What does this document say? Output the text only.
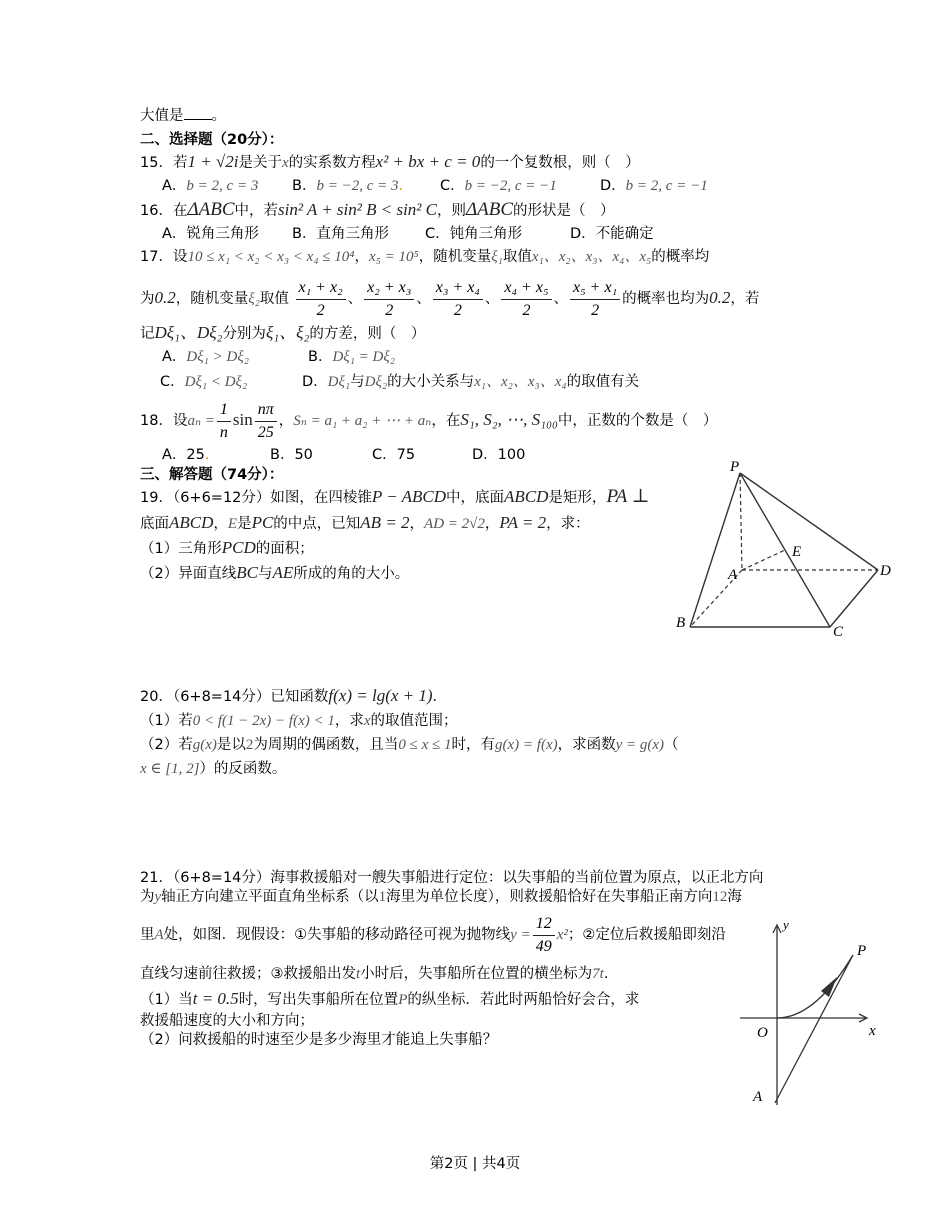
大值是 。
二、选择题（20分）：
15．若1 + √2i是关于x的实系数方程x² + bx + c = 0的一个复数根，则（　）
A．b = 2, c = 3 B．b = −2, c = 3.	C．b = −2, c = −1	D．b = 2, c = −1
16．在ΔABC中，若sin² A + sin² B < sin² C，则ΔABC的形状是（　）
A．锐角三角形 B．直角三角形 C．钝角三角形	D．不能确定
17．设10 ≤ x₁ < x₂ < x₃ < x₄ ≤ 10⁴，x₅ = 10⁵，随机变量ξ₁取值x₁、x₂、x₃、x₄、x₅的概率均
为0.2，随机变量ξ₂取值 $\frac{\text{x₁ + x₂}}{2}$ 、 $\frac{\text{x₂ + x₃}}{2}$ 、 $\frac{\text{x₃ + x₄}}{2}$ 、 $\frac{\text{x₄ + x₅}}{2}$ 、 $\frac{\text{x₅ + x₁}}{2}$ 的概率也均为0.2，若
记Dξ₁、Dξ₂分别为ξ₁、ξ₂的方差，则（　）
A．Dξ₁ > Dξ₂	B．Dξ₁ = Dξ₂
C．Dξ₁ < Dξ₂	D．Dξ₁与Dξ₂的大小关系与x₁、x₂、x₃、x₄的取值有关
18．设$a_n = \frac{1}{n}$ $\sin \frac{n\pi}{25}$ ，Sₙ = a₁ + a₂ + ⋯ + aₙ，在S₁, S₂, ⋯, S₁₀₀中，正数的个数是（　）
A．25.	B．50	C．75	D．100
三、解答题（74分）：
19．（6+6=12分）如图，在四棱锥P − ABCD中，底面ABCD是矩形，PA ⊥
底面ABCD，E是PC的中点，已知AB = 2，AD = 2√2，PA = 2，求：
（1）三角形PCD的面积；
（2）异面直线BC与AE所成的角的大小。
P
E
A	D
B
C
20．（6+8=14分）已知函数f(x) = lg(x + 1)．
（1）若0 < f(1 − 2x) − f(x) < 1，求x的取值范围；
（2）若g(x)是以2为周期的偶函数，且当0 ≤ x ≤ 1时，有g(x) = f(x)，求函数y = g(x)（
x ∈ [1, 2]）的反函数。
21．（6+8=14分）海事救援船对一艘失事船进行定位：以失事船的当前位置为原点，以正北方向
为y轴正方向建立平面直角坐标系（以1海里为单位长度），则救援船恰好在失事船正南方向12海
里A处，如图．现假设：①失事船的移动路径可视为抛物线$y = \frac{12}{49} x^2$；②定位后救援船即刻沿
直线匀速前往救援；③救援船出发t小时后，失事船所在位置的横坐标为7t．
（1）当t = 0.5时，写出失事船所在位置P的纵坐标．若此时两船恰好会合，求
救援船速度的大小和方向；
（2）问救援船的时速至少是多少海里才能追上失事船？
P
O	x
A
y
第2页 | 共4页
